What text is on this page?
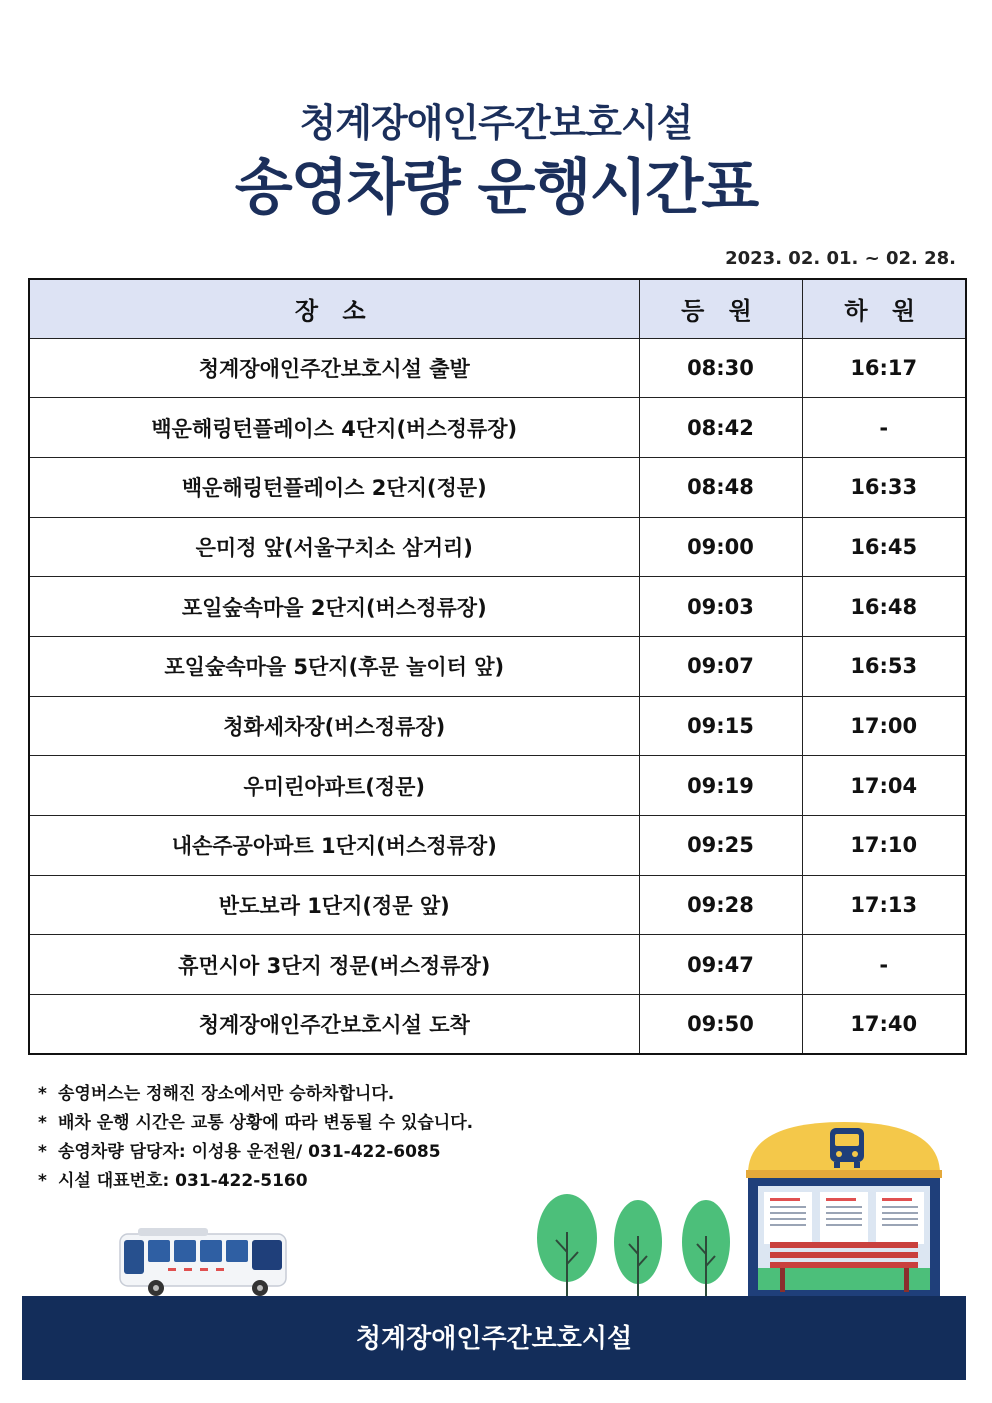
청계장애인주간보호시설
송영차량 운행시간표
2023. 02. 01. ~ 02. 28.
장 소	등 원	하 원
청계장애인주간보호시설 출발	08:30	16:17
백운해링턴플레이스 4단지(버스정류장)	08:42	-
백운해링턴플레이스 2단지(정문)	08:48	16:33
은미정 앞(서울구치소 삼거리)	09:00	16:45
포일숲속마을 2단지(버스정류장)	09:03	16:48
포일숲속마을 5단지(후문 놀이터 앞)	09:07	16:53
청화세차장(버스정류장)	09:15	17:00
우미린아파트(정문)	09:19	17:04
내손주공아파트 1단지(버스정류장)	09:25	17:10
반도보라 1단지(정문 앞)	09:28	17:13
휴먼시아 3단지 정문(버스정류장)	09:47	-
청계장애인주간보호시설 도착	09:50	17:40
* 송영버스는 정해진 장소에서만 승하차합니다.
* 배차 운행 시간은 교통 상황에 따라 변동될 수 있습니다.
* 송영차량 담당자: 이성용 운전원/ 031-422-6085
* 시설 대표번호: 031-422-5160
청계장애인주간보호시설
